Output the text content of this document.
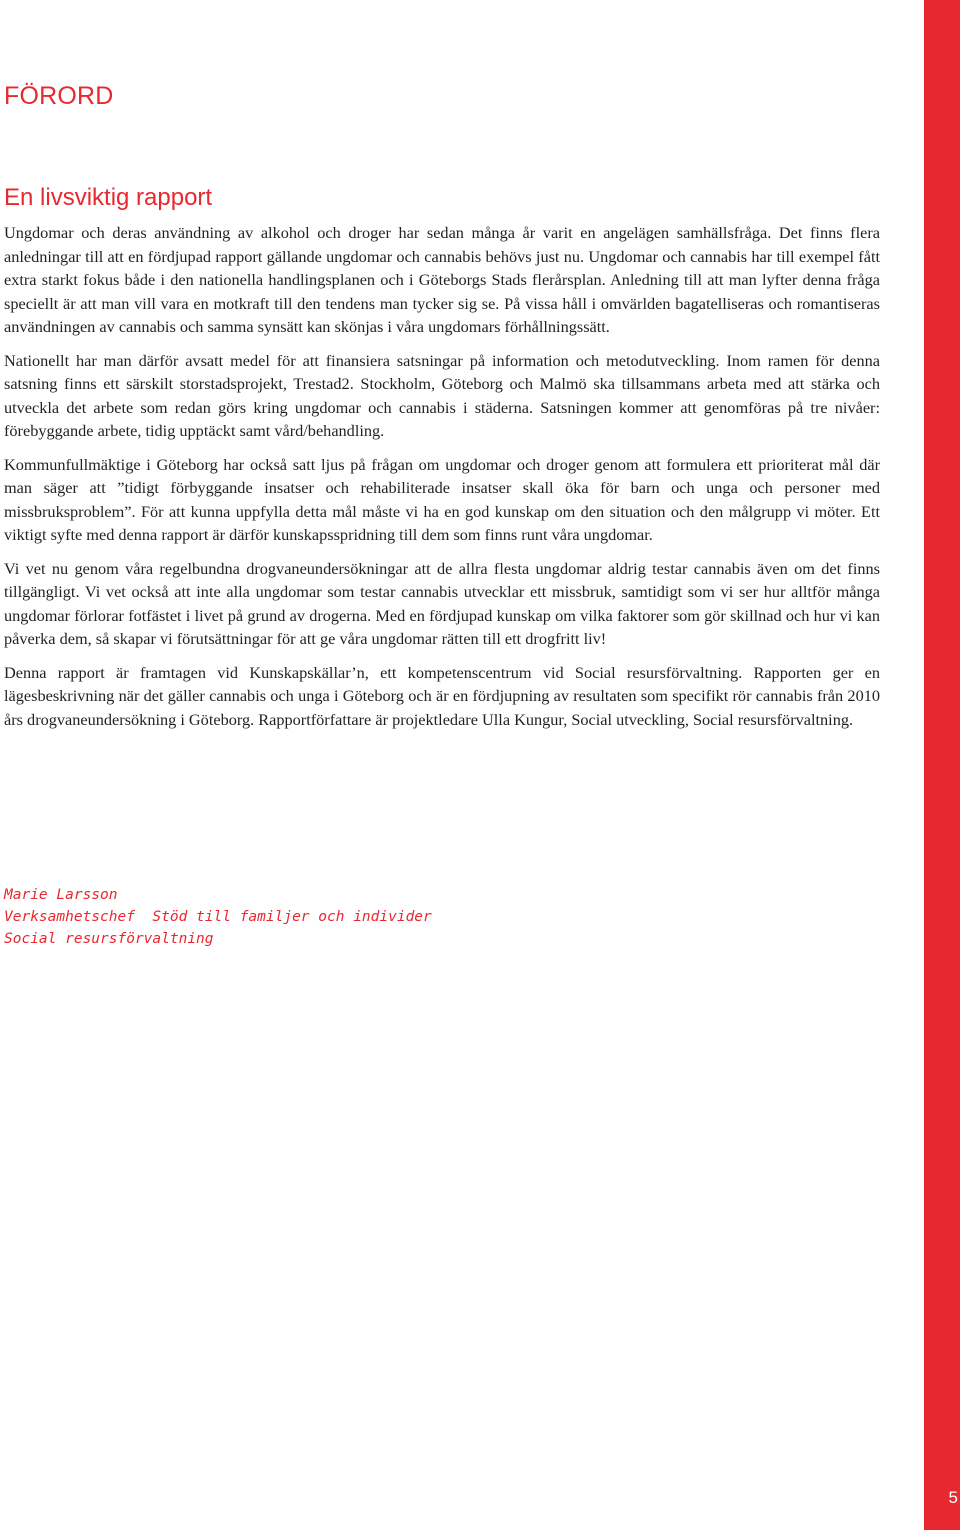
5
FÖRORD
En livsviktig rapport

Ungdomar och deras användning av alkohol och droger har sedan många år varit en angelägen samhällsfråga. Det finns flera anledningar till att en fördjupad rapport gällande ungdomar och cannabis behövs just nu. Ungdomar och cannabis har till exempel fått extra starkt fokus både i den nationella handlingsplanen och i Göteborgs Stads flerårsplan. Anledning till att man lyfter denna fråga speciellt är att man vill vara en motkraft till den tendens man tycker sig se. På vissa håll i omvärlden bagatelliseras och romantiseras användningen av cannabis och samma synsätt kan skönjas i våra ungdomars förhållningssätt.

Nationellt har man därför avsatt medel för att finansiera satsningar på information och metodutveckling. Inom ramen för denna satsning finns ett särskilt storstadsprojekt, Trestad2. Stockholm, Göteborg och Malmö ska tillsammans arbeta med att stärka och utveckla det arbete som redan görs kring ungdomar och cannabis i städerna. Satsningen kommer att genomföras på tre nivåer: förebyggande arbete, tidig upptäckt samt vård/behandling.

Kommunfullmäktige i Göteborg har också satt ljus på frågan om ungdomar och droger genom att formulera ett prioriterat mål där man säger att ”tidigt förbyggande insatser och rehabiliterade insatser skall öka för barn och unga och personer med missbruksproblem”. För att kunna uppfylla detta mål måste vi ha en god kunskap om den situation och den målgrupp vi möter. Ett viktigt syfte med denna rapport är därför kunskapsspridning till dem som finns runt våra ungdomar.

Vi vet nu genom våra regelbundna drogvaneundersökningar att de allra flesta ungdomar aldrig testar cannabis även om det finns tillgängligt. Vi vet också att inte alla ungdomar som testar cannabis utvecklar ett missbruk, samtidigt som vi ser hur alltför många ungdomar förlorar fotfästet i livet på grund av drogerna. Med en fördjupad kunskap om vilka faktorer som gör skillnad och hur vi kan påverka dem, så skapar vi förutsättningar för att ge våra ungdomar rätten till ett drogfritt liv!

Denna rapport är framtagen vid Kunskapskällar’n, ett kompetenscentrum vid Social resursförvaltning. Rapporten ger en lägesbeskrivning när det gäller cannabis och unga i Göteborg och är en fördjupning av resultaten som specifikt rör cannabis från 2010 års drogvaneundersökning i Göteborg. Rapportförfattare är projektledare Ulla Kungur, Social utveckling, Social resursförvaltning.

Marie Larsson
Verksamhetschef  Stöd till familjer och individer
Social resursförvaltning
